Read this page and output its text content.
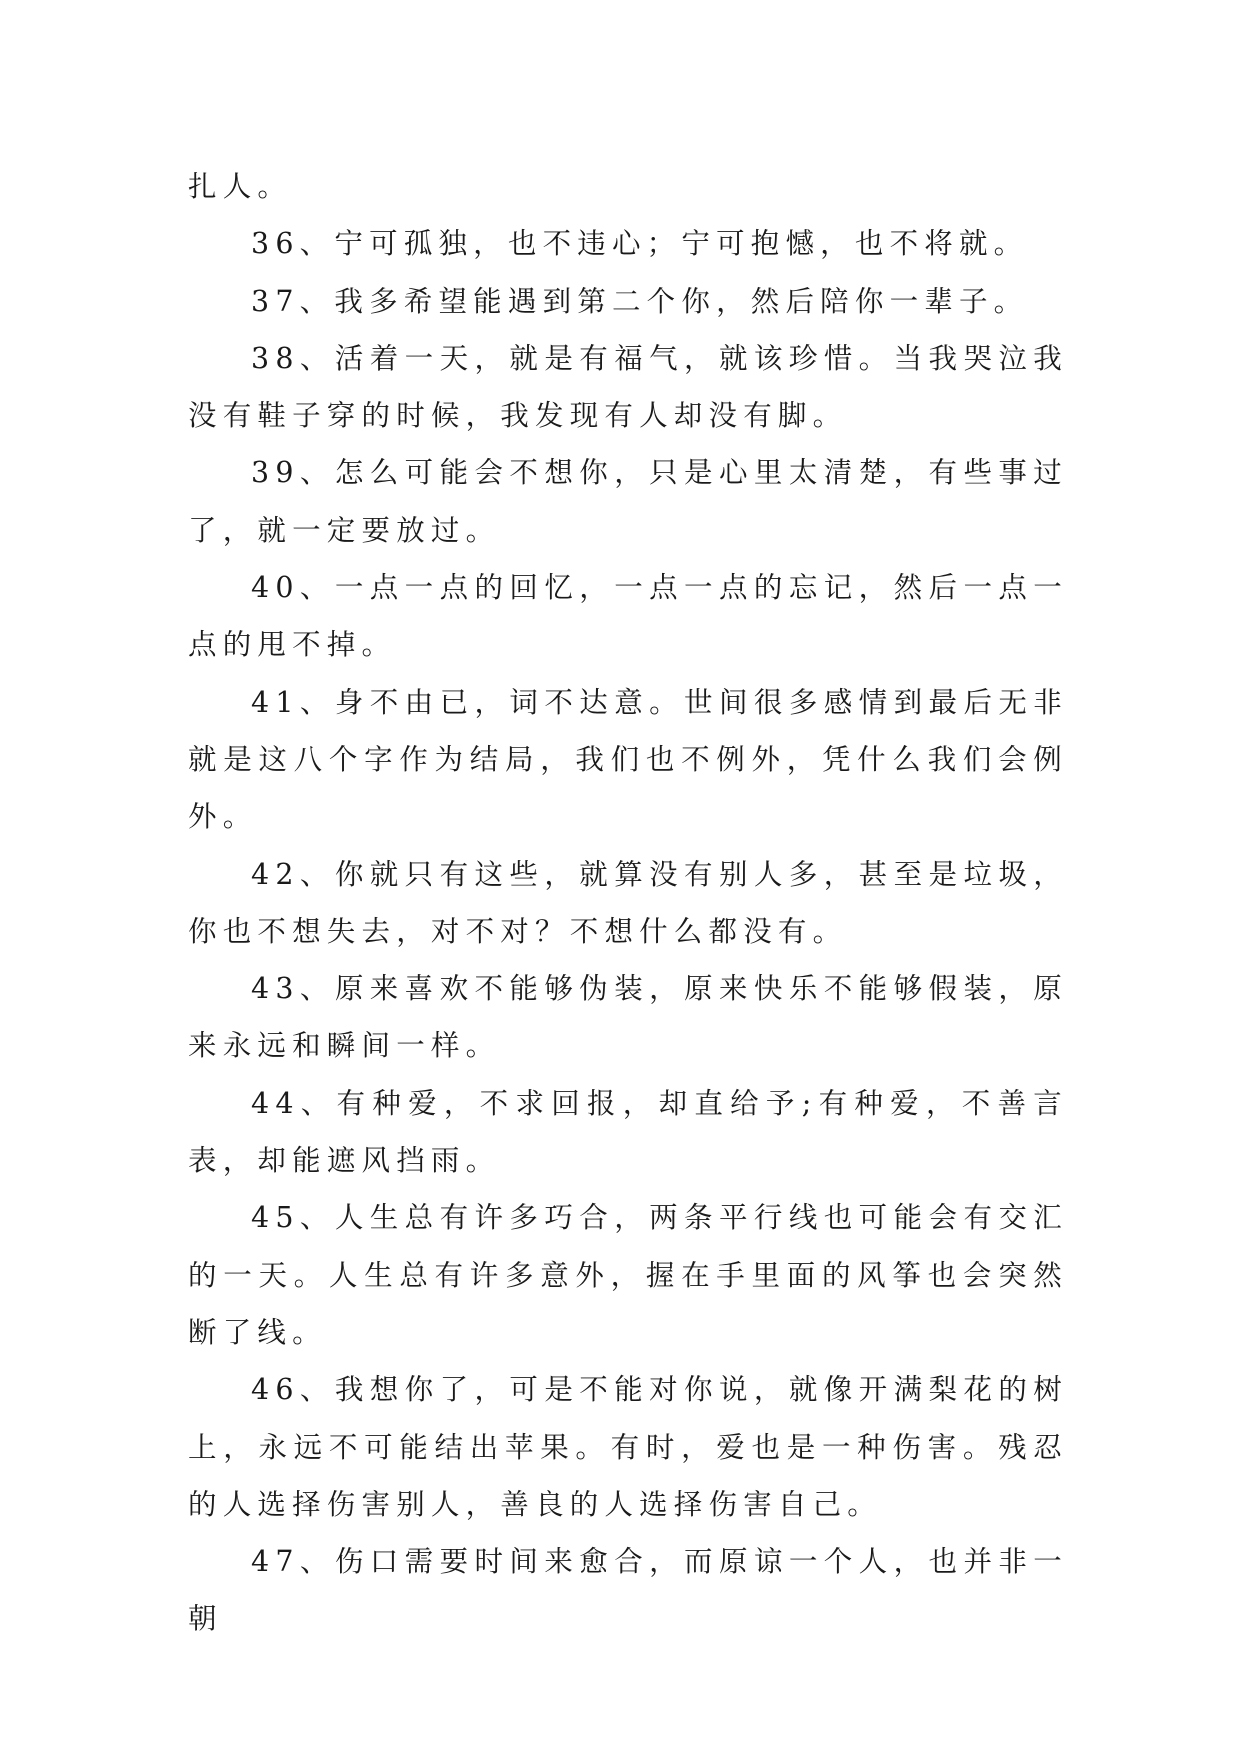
扎人。

36、宁可孤独，也不违心；宁可抱憾，也不将就。

37、我多希望能遇到第二个你，然后陪你一辈子。

38、活着一天，就是有福气，就该珍惜。当我哭泣我没有鞋子穿的时候，我发现有人却没有脚。

39、怎么可能会不想你，只是心里太清楚，有些事过了，就一定要放过。

40、一点一点的回忆，一点一点的忘记，然后一点一点的甩不掉。

41、身不由已，词不达意。世间很多感情到最后无非就是这八个字作为结局，我们也不例外，凭什么我们会例外。

42、你就只有这些，就算没有别人多，甚至是垃圾，你也不想失去，对不对？不想什么都没有。

43、原来喜欢不能够伪装，原来快乐不能够假装，原来永远和瞬间一样。

44、有种爱，不求回报，却直给予;有种爱，不善言表，却能遮风挡雨。

45、人生总有许多巧合，两条平行线也可能会有交汇的一天。人生总有许多意外，握在手里面的风筝也会突然断了线。

46、我想你了，可是不能对你说，就像开满梨花的树上，永远不可能结出苹果。有时，爱也是一种伤害。残忍的人选择伤害别人，善良的人选择伤害自己。

47、伤口需要时间来愈合，而原谅一个人，也并非一朝
